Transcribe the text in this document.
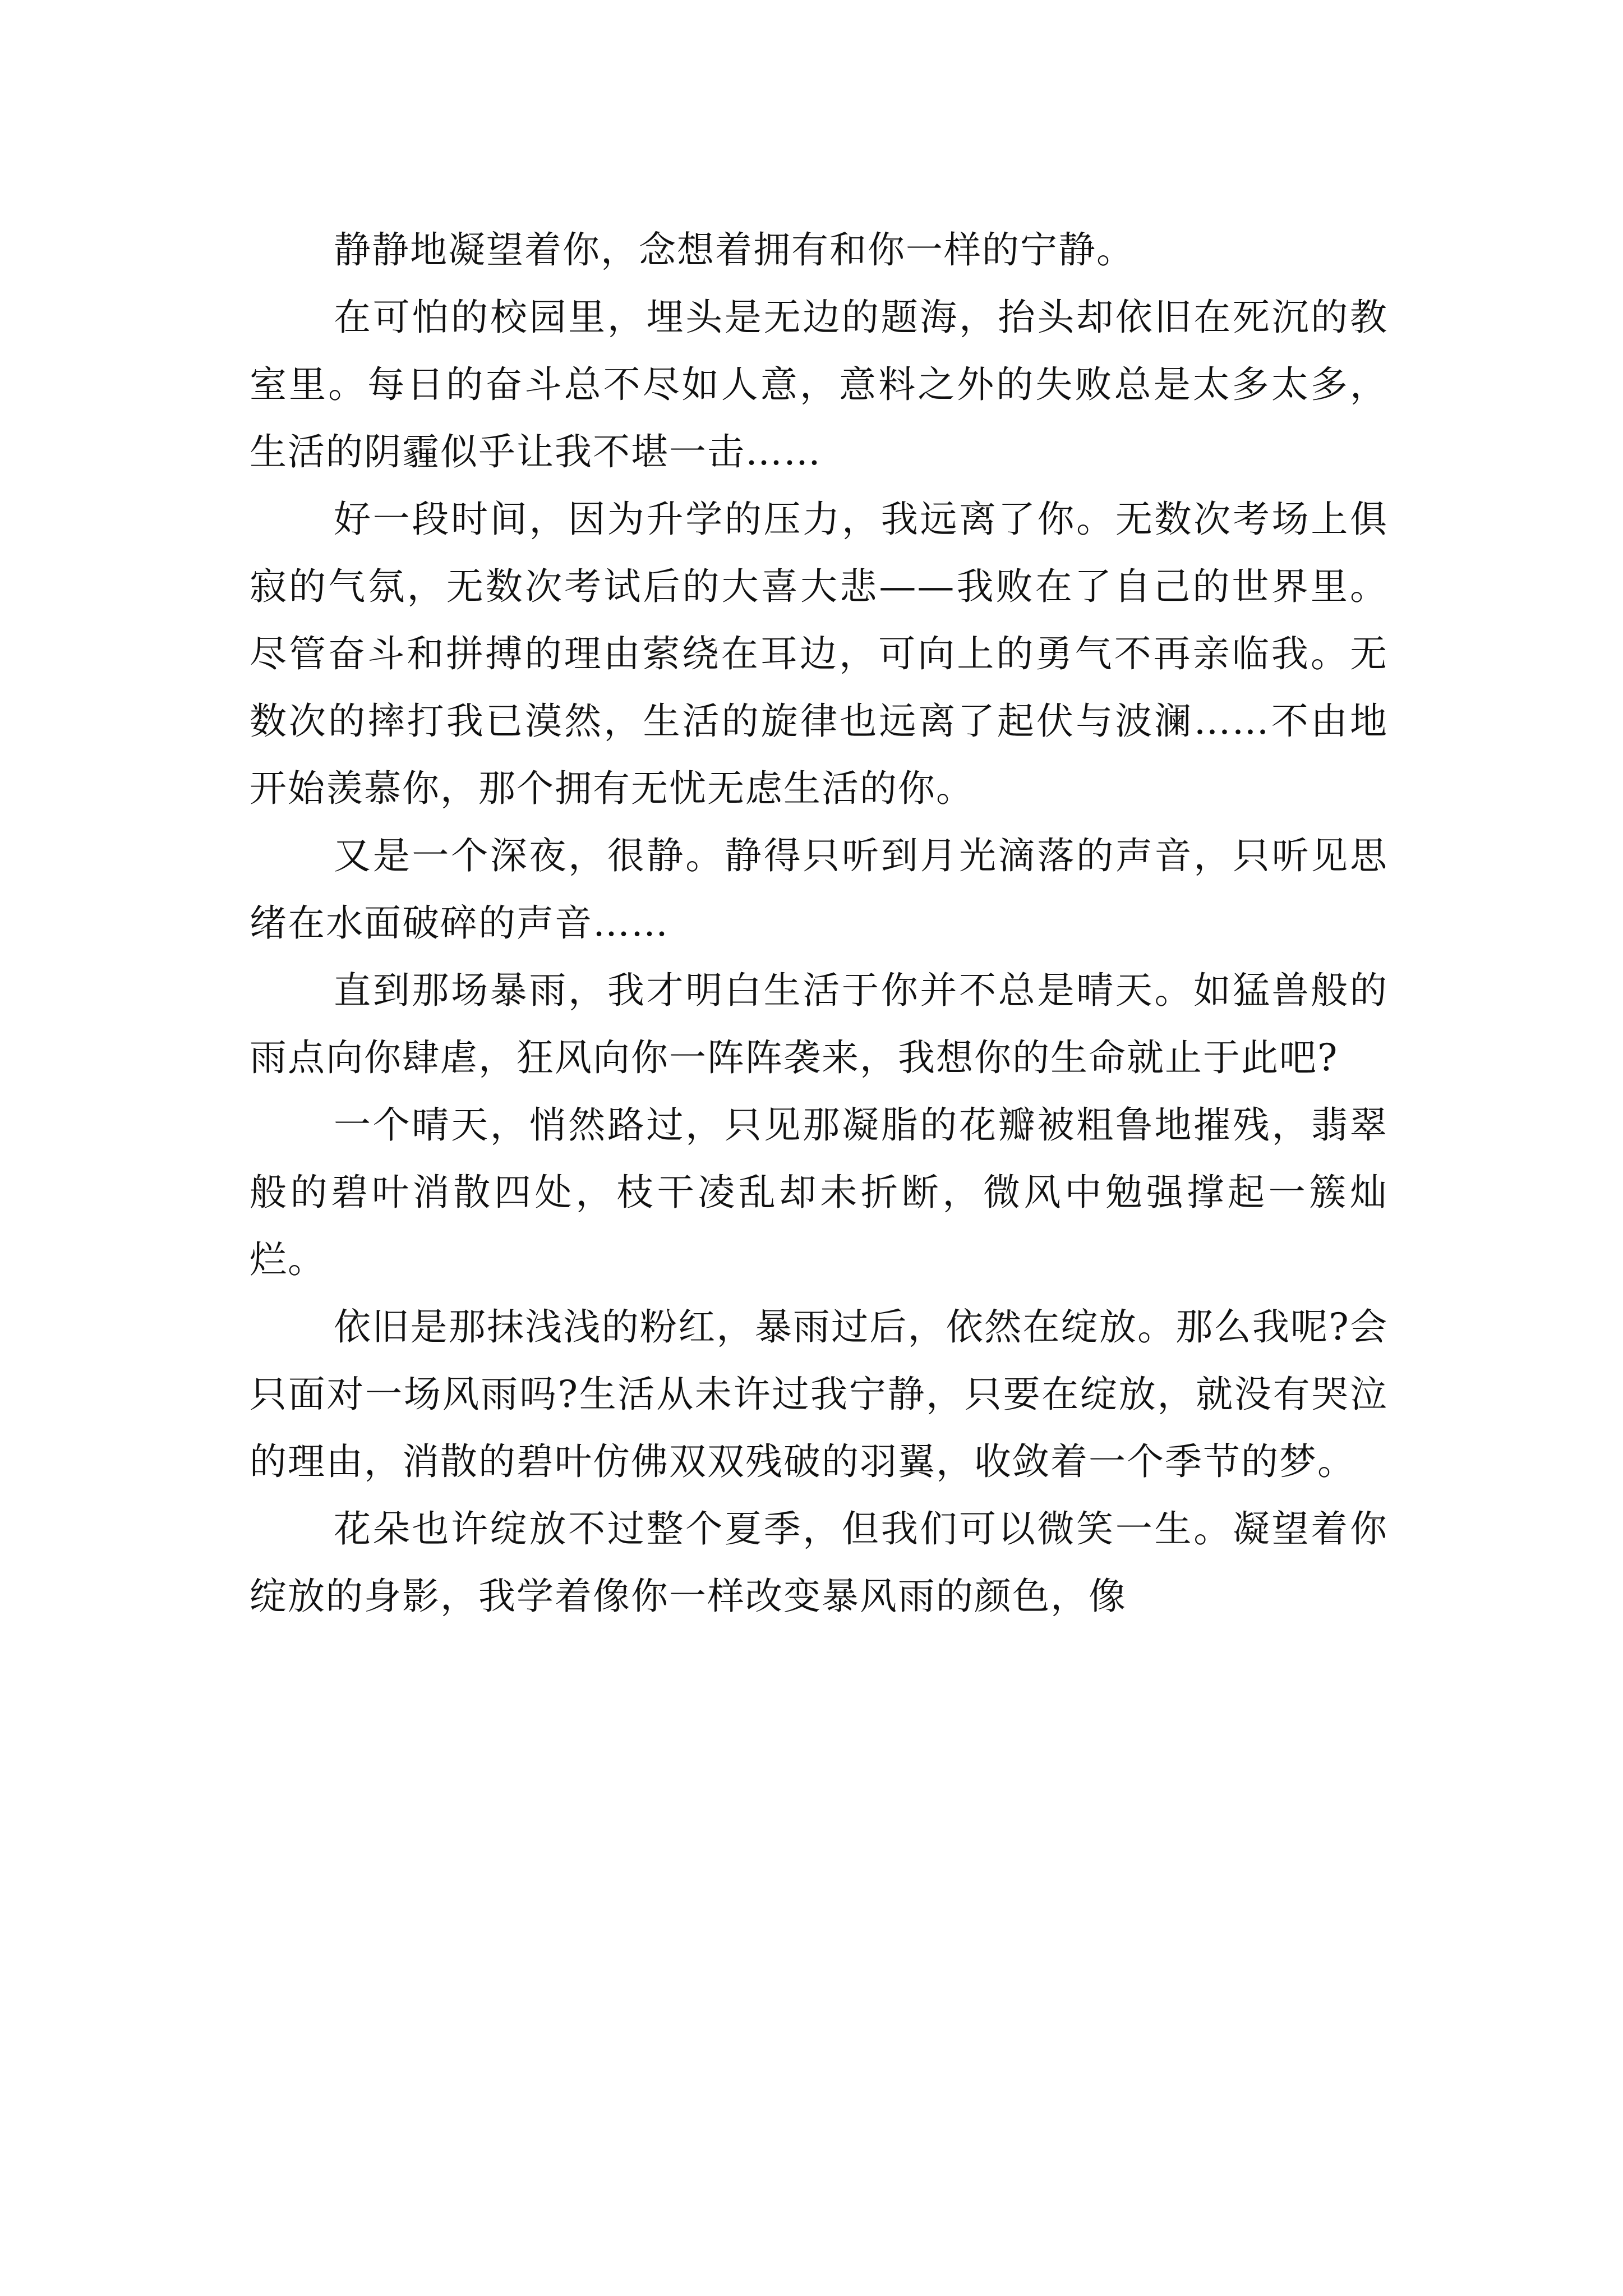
静静地凝望着你，念想着拥有和你一样的宁静。

在可怕的校园里，埋头是无边的题海，抬头却依旧在死沉的教室里。每日的奋斗总不尽如人意，意料之外的失败总是太多太多，生活的阴霾似乎让我不堪一击……

好一段时间，因为升学的压力，我远离了你。无数次考场上俱寂的气氛，无数次考试后的大喜大悲——我败在了自己的世界里。尽管奋斗和拼搏的理由萦绕在耳边，可向上的勇气不再亲临我。无数次的摔打我已漠然，生活的旋律也远离了起伏与波澜……不由地开始羡慕你，那个拥有无忧无虑生活的你。

又是一个深夜，很静。静得只听到月光滴落的声音，只听见思绪在水面破碎的声音……

直到那场暴雨，我才明白生活于你并不总是晴天。如猛兽般的雨点向你肆虐，狂风向你一阵阵袭来，我想你的生命就止于此吧?

一个晴天，悄然路过，只见那凝脂的花瓣被粗鲁地摧残，翡翠般的碧叶消散四处，枝干凌乱却未折断，微风中勉强撑起一簇灿烂。

依旧是那抹浅浅的粉红，暴雨过后，依然在绽放。那么我呢?会只面对一场风雨吗?生活从未许过我宁静，只要在绽放，就没有哭泣的理由，消散的碧叶仿佛双双残破的羽翼，收敛着一个季节的梦。

花朵也许绽放不过整个夏季，但我们可以微笑一生。凝望着你绽放的身影，我学着像你一样改变暴风雨的颜色，像
